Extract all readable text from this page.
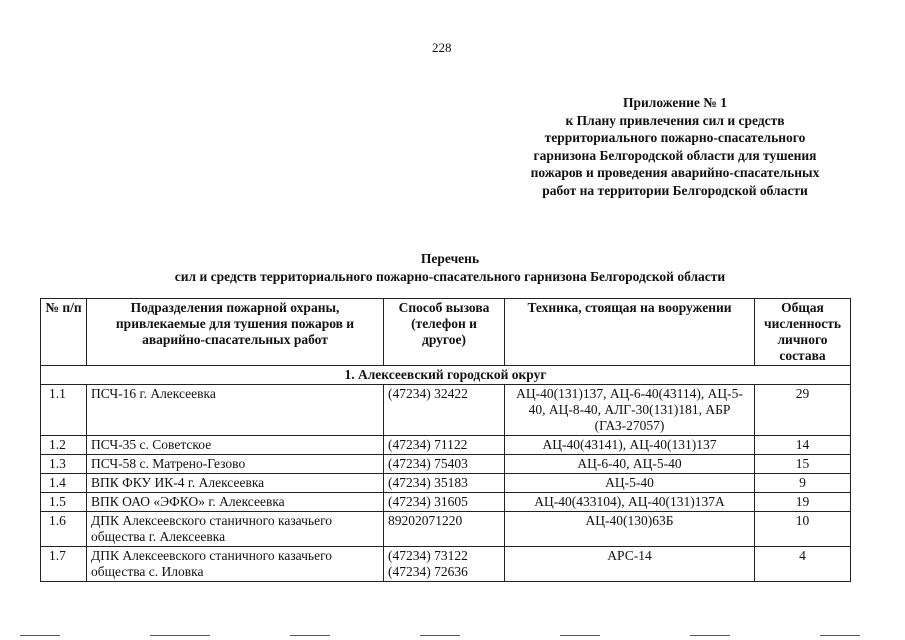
228
Приложение № 1
к Плану привлечения сил и средств
территориального пожарно-спасательного
гарнизона Белгородской области для тушения
пожаров и проведения аварийно-спасательных
работ на территории Белгородской области
Перечень
сил и средств территориального пожарно-спасательного гарнизона Белгородской области
№ п/п	Подразделения пожарной охраны, привлекаемые для тушения пожаров и аварийно-спасательных работ	Способ вызова (телефон и другое)	Техника, стоящая на вооружении	Общая численность личного состава
1. Алексеевский городской округ				
1.1	ПСЧ-16 г. Алексеевка	(47234) 32422	АЦ-40(131)137, АЦ-6-40(43114), АЦ-5-40, АЦ-8-40, АЛГ-30(131)181, АБР (ГАЗ-27057)	29
1.2	ПСЧ-35 с. Советское	(47234) 71122	АЦ-40(43141), АЦ-40(131)137	14
1.3	ПСЧ-58 с. Матрено-Гезово	(47234) 75403	АЦ-6-40, АЦ-5-40	15
1.4	ВПК ФКУ ИК-4 г. Алексеевка	(47234) 35183	АЦ-5-40	9
1.5	ВПК ОАО «ЭФКО» г. Алексеевка	(47234) 31605	АЦ-40(433104), АЦ-40(131)137А	19
1.6	ДПК Алексеевского станичного казачьего общества г. Алексеевка	89202071220	АЦ-40(130)63Б	10
1.7	ДПК Алексеевского станичного казачьего общества с. Иловка	(47234) 73122 (47234) 72636	АРС-14	4
